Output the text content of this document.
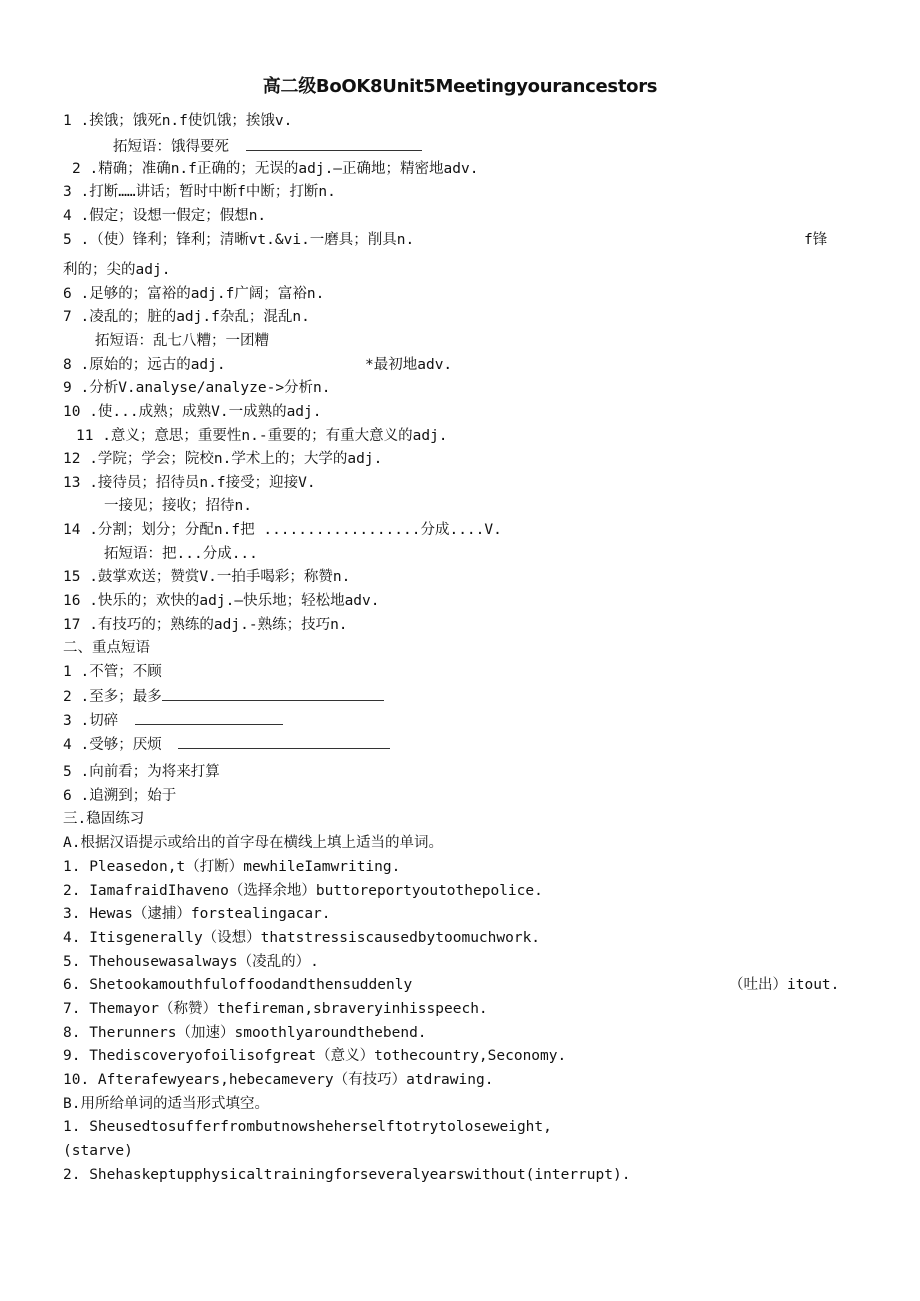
高二级BoOK8Unit5Meetingyourancestors
1 .挨饿；饿死n.f使饥饿；挨饿v.
拓短语：饿得要死
2 .精确；准确n.f正确的；无误的adj.—正确地；精密地adv.
3 .打断……讲话；暂时中断f中断；打断n.
4 .假定；设想一假定；假想n.
5 .（使）锋利；锋利；清晰vt.&vi.一磨具；削具n.	f锋
利的；尖的adj.
6 .足够的；富裕的adj.f广阔；富裕n.
7 .凌乱的；脏的adj.f杂乱；混乱n.
拓短语：乱七八糟；一团糟
8 .原始的；远古的adj.	*最初地adv.
9 .分析V.analyse/analyze->分析n.
10 .使...成熟；成熟V.一成熟的adj.
11 .意义；意思；重要性n.-重要的；有重大意义的adj.
12 .学院；学会；院校n.学术上的；大学的adj.
13 .接待员；招待员n.f接受；迎接V.
一接见；接收；招待n.
14 .分割；划分；分配n.f把 ..................分成....V.
拓短语：把...分成...
15 .鼓掌欢送；赞赏V.一拍手喝彩；称赞n.
16 .快乐的；欢快的adj.—快乐地；轻松地adv.
17 .有技巧的；熟练的adj.-熟练；技巧n.
二、重点短语
1 .不管；不顾
2 .至多；最多
3 .切碎
4 .受够；厌烦
5 .向前看；为将来打算
6 .追溯到；始于
三.稳固练习
A.根据汉语提示或给出的首字母在横线上填上适当的单词。
1. Pleasedon,t（打断）mewhileIamwriting.
2. IamafraidIhaveno（选择余地）buttoreportyoutothepolice.
3. Hewas（逮捕）forstealingacar.
4. Itisgenerally（设想）thatstressiscausedbytoomuchwork.
5. Thehousewasalways（凌乱的）.
6. Shetookamouthfuloffoodandthensuddenly	（吐出）itout.
7. Themayor（称赞）thefireman,sbraveryinhisspeech.
8. Therunners（加速）smoothlyaroundthebend.
9. Thediscoveryofoilisofgreat（意义）tothecountry,Seconomy.
10. Afterafewyears,hebecamevery（有技巧）atdrawing.
B.用所给单词的适当形式填空。
1. Sheusedtosufferfrombutnowsheherselftotrytoloseweight,
(starve)
2. Shehaskeptupphysicaltrainingforseveralyearswithout(interrupt).
